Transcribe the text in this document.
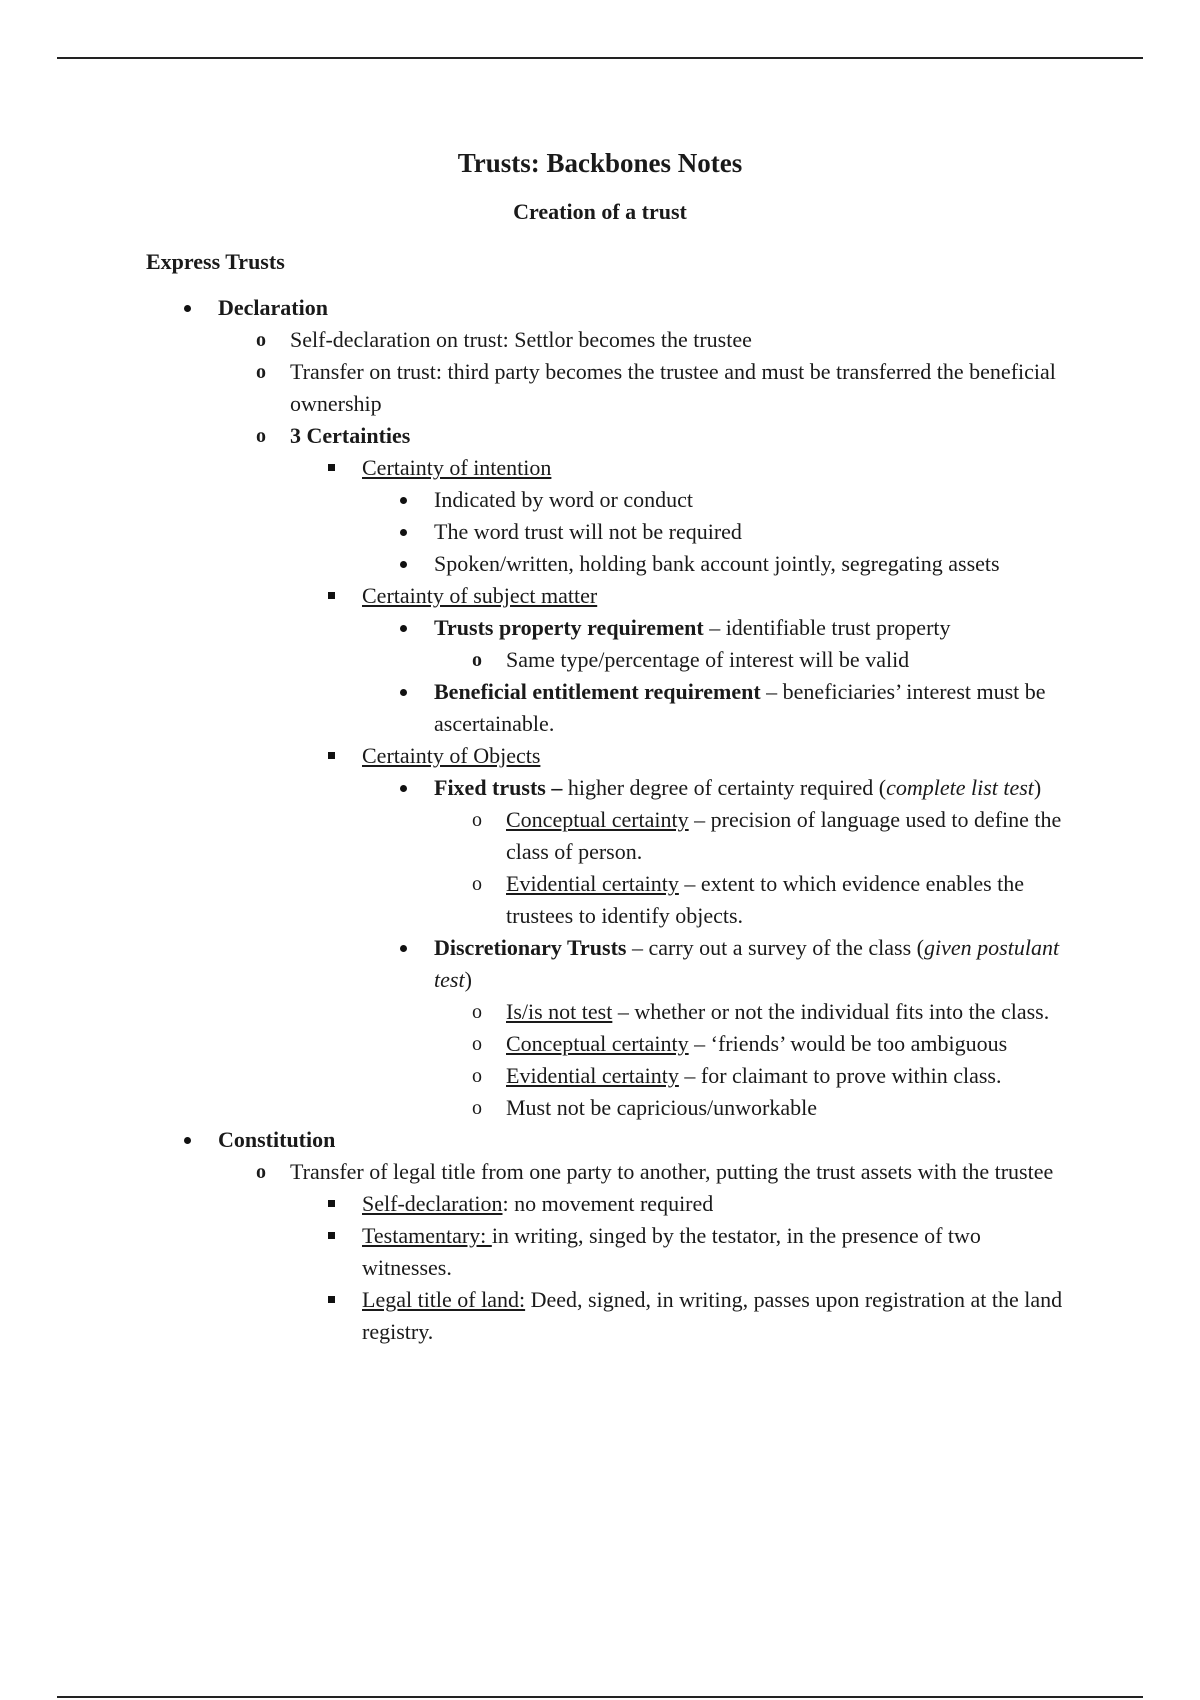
Trusts: Backbones Notes
Creation of a trust
Express Trusts
Declaration
o	Self-declaration on trust: Settlor becomes the trustee
o	Transfer on trust: third party becomes the trustee and must be transferred the beneficial ownership
o	3 Certainties
Certainty of intention
Indicated by word or conduct
The word trust will not be required
Spoken/written, holding bank account jointly, segregating assets
Certainty of subject matter
Trusts property requirement – identifiable trust property
o	Same type/percentage of interest will be valid
Beneficial entitlement requirement – beneficiaries’ interest must be ascertainable.
Certainty of Objects
Fixed trusts – higher degree of certainty required (complete list test)
o	Conceptual certainty – precision of language used to define the class of person.
o	Evidential certainty – extent to which evidence enables the trustees to identify objects.
Discretionary Trusts – carry out a survey of the class (given postulant test)
o	Is/is not test – whether or not the individual fits into the class.
o	Conceptual certainty – ‘friends’ would be too ambiguous
o	Evidential certainty – for claimant to prove within class.
o	Must not be capricious/unworkable
Constitution
o	Transfer of legal title from one party to another, putting the trust assets with the trustee
Self-declaration: no movement required
Testamentary: in writing, singed by the testator, in the presence of two witnesses.
Legal title of land: Deed, signed, in writing, passes upon registration at the land registry.
